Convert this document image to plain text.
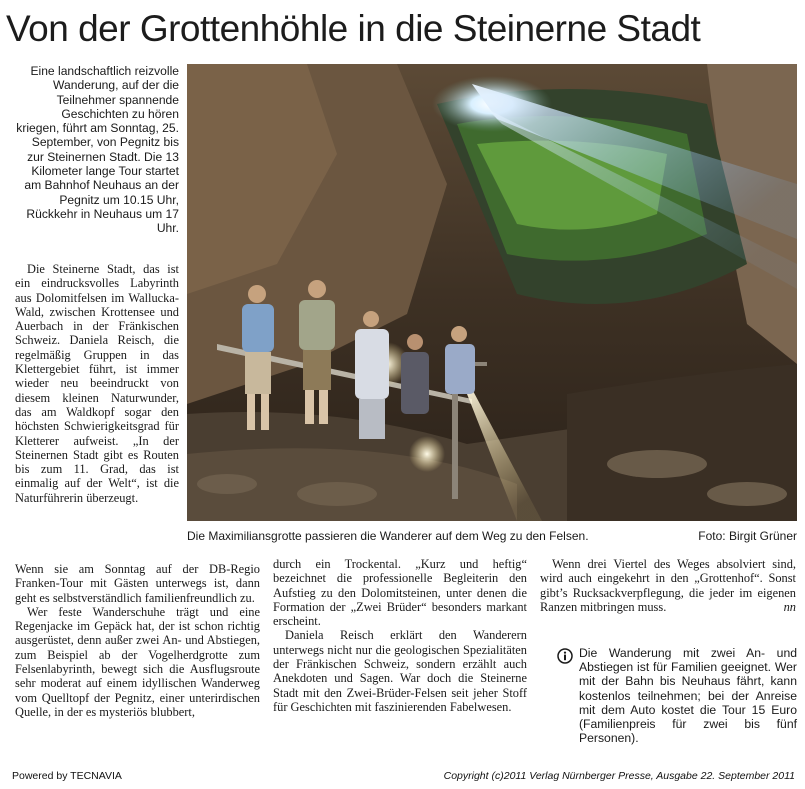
Von der Grottenhöhle in die Steinerne Stadt

Eine landschaftlich reizvolle Wanderung, auf der die Teilnehmer spannende Geschichten zu hören kriegen, führt am Sonntag, 25. September, von Pegnitz bis zur Steinernen Stadt. Die 13 Kilometer lange Tour startet am Bahnhof Neuhaus an der Pegnitz um 10.15 Uhr, Rückkehr in Neuhaus um 17 Uhr.

Die Maximiliansgrotte passieren die Wanderer auf dem Weg zu den Felsen.	Foto: Birgit Grüner

Die Steinerne Stadt, das ist ein eindrucksvolles Labyrinth aus Dolomitfelsen im Wallucka-Wald, zwischen Krottensee und Auerbach in der Fränkischen Schweiz. Daniela Reisch, die regelmäßig Gruppen in das Klettergebiet führt, ist immer wieder neu beeindruckt von diesem kleinen Naturwunder, das am Waldkopf sogar den höchsten Schwierigkeitsgrad für Kletterer aufweist. „In der Steinernen Stadt gibt es Routen bis zum 11. Grad, das ist einmalig auf der Welt“, ist die Naturführerin überzeugt.

Wenn sie am Sonntag auf der DB-Regio Franken-Tour mit Gästen unterwegs ist, dann geht es selbstverständlich familienfreundlich zu.

Wer feste Wanderschuhe trägt und eine Regenjacke im Gepäck hat, der ist schon richtig ausgerüstet, denn außer zwei An- und Abstiegen, zum Beispiel ab der Vogelherdgrotte zum Felsenlabyrinth, bewegt sich die Ausflugsroute sehr moderat auf einem idyllischen Wanderweg vom Quelltopf der Pegnitz, einer unterirdischen Quelle, in der es mysteriös blubbert,

durch ein Trockental. „Kurz und heftig“ bezeichnet die professionelle Begleiterin den Aufstieg zu den Dolomitsteinen, unter denen die Formation der „Zwei Brüder“ besonders markant erscheint.

Daniela Reisch erklärt den Wanderern unterwegs nicht nur die geologischen Spezialitäten der Fränkischen Schweiz, sondern erzählt auch Anekdoten und Sagen. War doch die Steinerne Stadt mit den Zwei-Brüder-Felsen seit jeher Stoff für Geschichten mit faszinierenden Fabelwesen.

Wenn drei Viertel des Weges absolviert sind, wird auch eingekehrt in den „Grottenhof“. Sonst gibt’s Rucksackverpflegung, die jeder im eigenen Ranzen mitbringen muss.	nn

Die Wanderung mit zwei An- und Abstiegen ist für Familien geeignet. Wer mit der Bahn bis Neuhaus fährt, kann kostenlos teilnehmen; bei der Anreise mit dem Auto kostet die Tour 15 Euro (Familienpreis für zwei bis fünf Personen).

Powered by TECNAVIA	Copyright (c)2011 Verlag Nürnberger Presse, Ausgabe 22. September 2011
